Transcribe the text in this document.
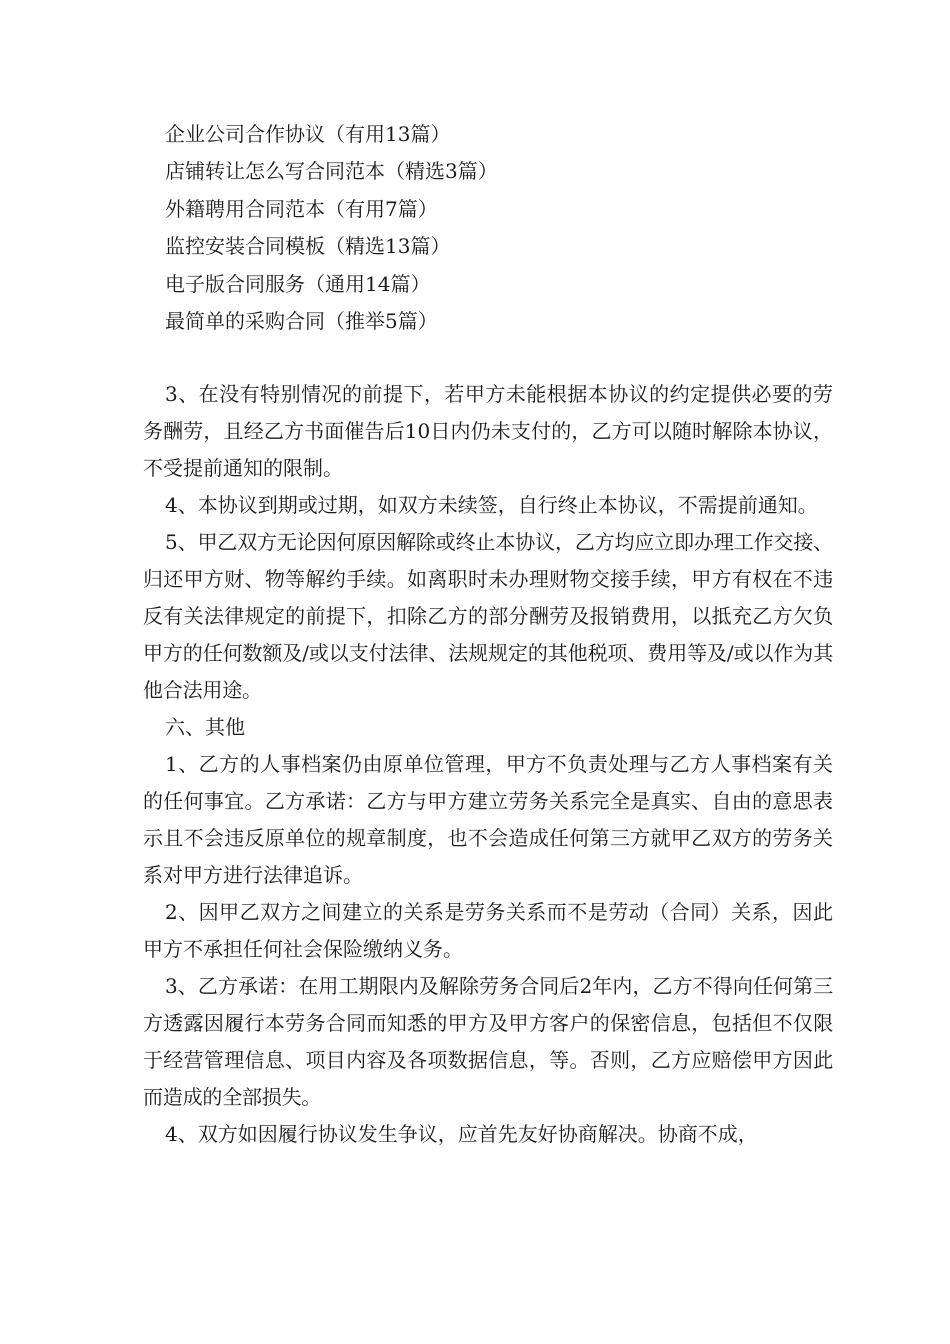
企业公司合作协议（有用13篇）
店铺转让怎么写合同范本（精选3篇）
外籍聘用合同范本（有用7篇）
监控安装合同模板（精选13篇）
电子版合同服务（通用14篇）
最简单的采购合同（推举5篇）

3、在没有特别情况的前提下，若甲方未能根据本协议的约定提供必要的劳务酬劳，且经乙方书面催告后10日内仍未支付的，乙方可以随时解除本协议，不受提前通知的限制。

4、本协议到期或过期，如双方未续签，自行终止本协议，不需提前通知。

5、甲乙双方无论因何原因解除或终止本协议，乙方均应立即办理工作交接、归还甲方财、物等解约手续。如离职时未办理财物交接手续，甲方有权在不违反有关法律规定的前提下，扣除乙方的部分酬劳及报销费用，以抵充乙方欠负甲方的任何数额及/或以支付法律、法规规定的其他税项、费用等及/或以作为其他合法用途。

六、其他

1、乙方的人事档案仍由原单位管理，甲方不负责处理与乙方人事档案有关的任何事宜。乙方承诺：乙方与甲方建立劳务关系完全是真实、自由的意思表示且不会违反原单位的规章制度，也不会造成任何第三方就甲乙双方的劳务关系对甲方进行法律追诉。

2、因甲乙双方之间建立的关系是劳务关系而不是劳动（合同）关系，因此甲方不承担任何社会保险缴纳义务。

3、乙方承诺：在用工期限内及解除劳务合同后2年内，乙方不得向任何第三方透露因履行本劳务合同而知悉的甲方及甲方客户的保密信息，包括但不仅限于经营管理信息、项目内容及各项数据信息，等。否则，乙方应赔偿甲方因此而造成的全部损失。

4、双方如因履行协议发生争议，应首先友好协商解决。协商不成，
